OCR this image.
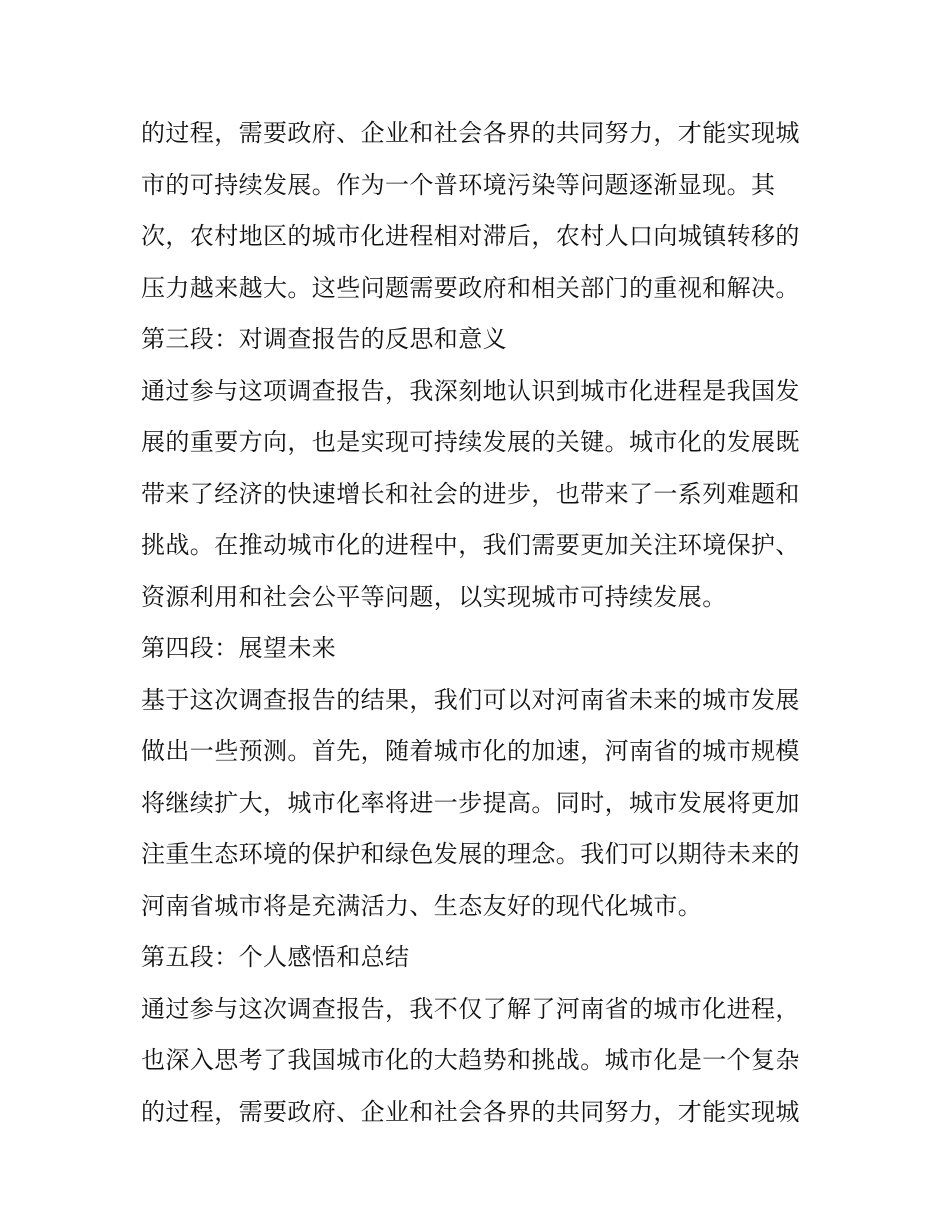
的过程，需要政府、企业和社会各界的共同努力，才能实现城
市的可持续发展。作为一个普环境污染等问题逐渐显现。其
次，农村地区的城市化进程相对滞后，农村人口向城镇转移的
压力越来越大。这些问题需要政府和相关部门的重视和解决。
第三段：对调查报告的反思和意义
通过参与这项调查报告，我深刻地认识到城市化进程是我国发
展的重要方向，也是实现可持续发展的关键。城市化的发展既
带来了经济的快速增长和社会的进步，也带来了一系列难题和
挑战。在推动城市化的进程中，我们需要更加关注环境保护、
资源利用和社会公平等问题，以实现城市可持续发展。
第四段：展望未来
基于这次调查报告的结果，我们可以对河南省未来的城市发展
做出一些预测。首先，随着城市化的加速，河南省的城市规模
将继续扩大，城市化率将进一步提高。同时，城市发展将更加
注重生态环境的保护和绿色发展的理念。我们可以期待未来的
河南省城市将是充满活力、生态友好的现代化城市。
第五段：个人感悟和总结
通过参与这次调查报告，我不仅了解了河南省的城市化进程，
也深入思考了我国城市化的大趋势和挑战。城市化是一个复杂
的过程，需要政府、企业和社会各界的共同努力，才能实现城
